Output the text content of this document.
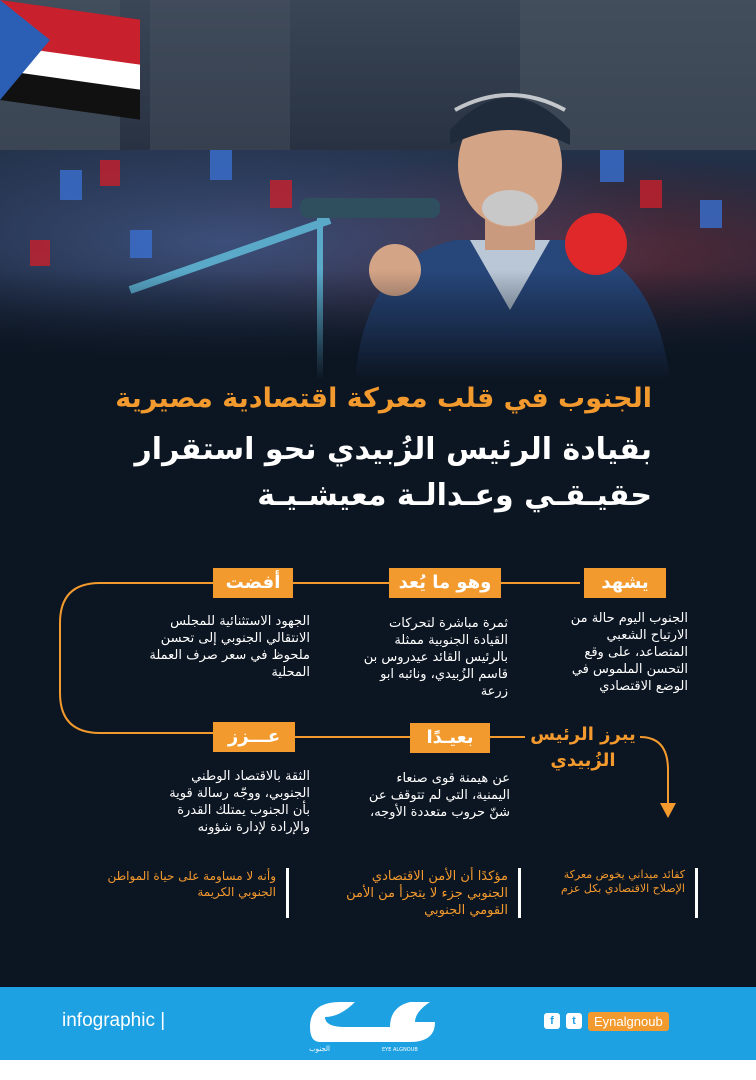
الجنوب في قلب معركة اقتصادية مصيرية
بقيادة الرئيس الزُبيدي نحو استقرار
حقيـقـي وعـدالـة معيشـيـة
يشهد
الجنوب اليوم حالة من الارتياح الشعبي المتصاعد، على وقع التحسن الملموس في الوضع الاقتصادي
وهو ما يُعد
ثمرة مباشرة لتحركات القيادة الجنوبية ممثلة بالرئيس القائد عيدروس بن قاسم الزُبيدي، ونائبه ابو زرعة
أفضت
الجهود الاستثنائية للمجلس الانتقالي الجنوبي إلى تحسن ملحوظ في سعر صرف العملة المحلية
يبرز الرئيس الزُبيدي
بعيـدًا
عن هيمنة قوى صنعاء اليمنية، التي لم تتوقف عن شنّ حروب متعددة الأوجه،
عـــزز
الثقة بالاقتصاد الوطني الجنوبي، ووجّه رسالة قوية بأن الجنوب يمتلك القدرة والإرادة لإدارة شؤونه
كقائد ميداني يخوض معركة الإصلاح الاقتصادي بكل عزم
مؤكدًا أن الأمن الاقتصادي الجنوبي جزء لا يتجزأ من الأمن القومي الجنوبي
وأنه لا مساومة على حياة المواطن الجنوبي الكريمة
infographic |
الجنوب	EYE ALGNOUB
f	t	Eynalgnoub
